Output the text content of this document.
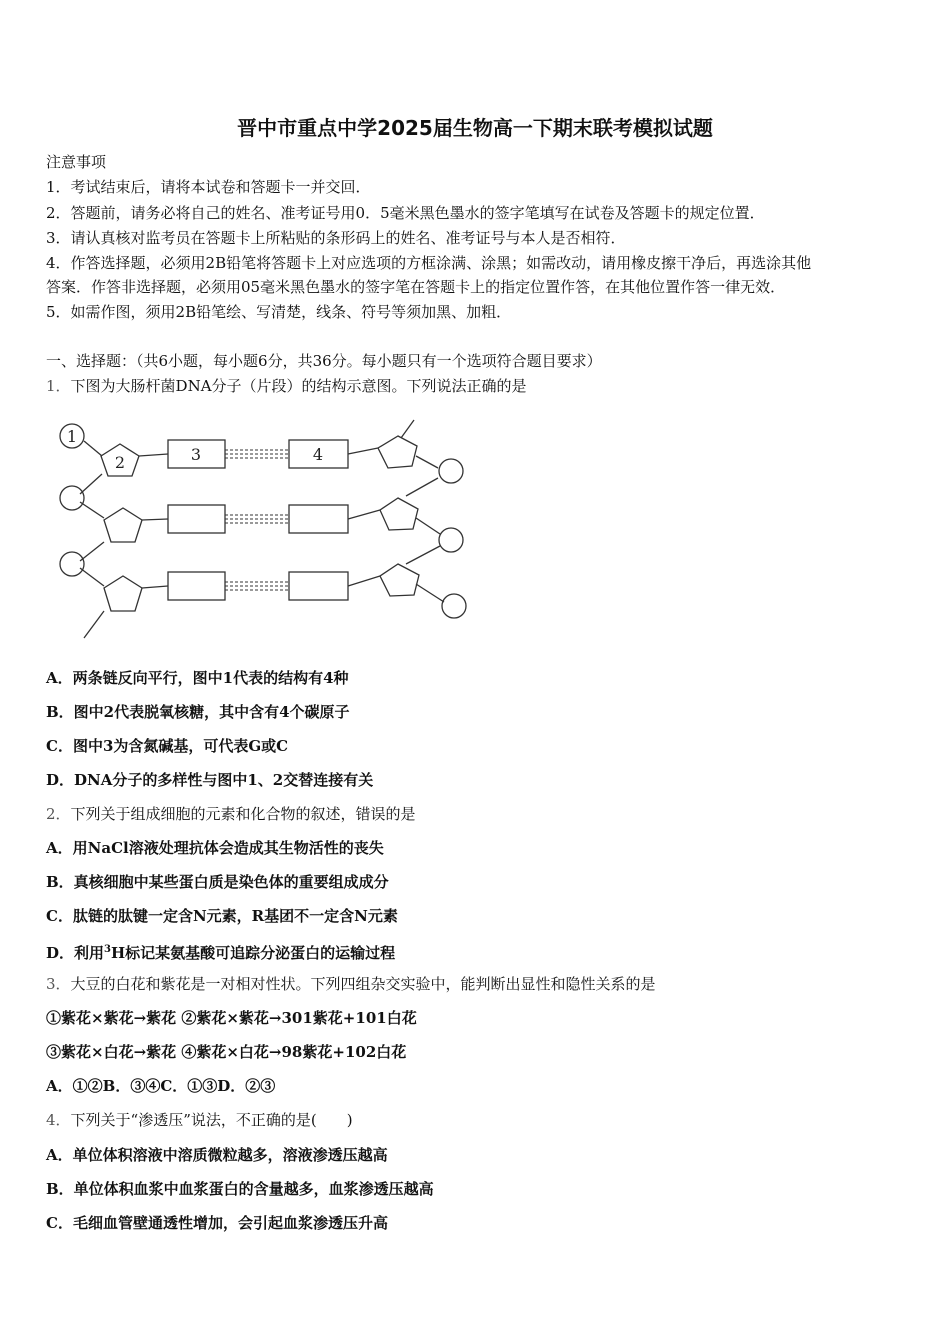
晋中市重点中学2025届生物高一下期末联考模拟试题
注意事项
1．考试结束后，请将本试卷和答题卡一并交回．
2．答题前，请务必将自己的姓名、准考证号用0．5毫米黑色墨水的签字笔填写在试卷及答题卡的规定位置．
3．请认真核对监考员在答题卡上所粘贴的条形码上的姓名、准考证号与本人是否相符．
4．作答选择题，必须用2B铅笔将答题卡上对应选项的方框涂满、涂黑；如需改动，请用橡皮擦干净后，再选涂其他
答案．作答非选择题，必须用05毫米黑色墨水的签字笔在答题卡上的指定位置作答，在其他位置作答一律无效．
5．如需作图，须用2B铅笔绘、写清楚，线条、符号等须加黑、加粗．
一、选择题：（共6小题，每小题6分，共36分。每小题只有一个选项符合题目要求）
1．下图为大肠杆菌DNA分子（片段）的结构示意图。下列说法正确的是
1
2	3	4
A．两条链反向平行，图中1代表的结构有4种
B．图中2代表脱氧核糖，其中含有4个碳原子
C．图中3为含氮碱基，可代表G或C
D．DNA分子的多样性与图中1、2交替连接有关
2．下列关于组成细胞的元素和化合物的叙述，错误的是
A．用NaCl溶液处理抗体会造成其生物活性的丧失
B．真核细胞中某些蛋白质是染色体的重要组成成分
C．肽链的肽键一定含N元素，R基团不一定含N元素
D．利用$^3$H标记某氨基酸可追踪分泌蛋白的运输过程
3．大豆的白花和紫花是一对相对性状。下列四组杂交实验中，能判断出显性和隐性关系的是
①紫花×紫花→紫花 ②紫花×紫花→301紫花+101白花
③紫花×白花→紫花 ④紫花×白花→98紫花+102白花
A．①②B．③④C．①③D．②③
4．下列关于“渗透压”说法，不正确的是(　　)
A．单位体积溶液中溶质微粒越多，溶液渗透压越高
B．单位体积血浆中血浆蛋白的含量越多，血浆渗透压越高
C．毛细血管壁通透性增加，会引起血浆渗透压升高
